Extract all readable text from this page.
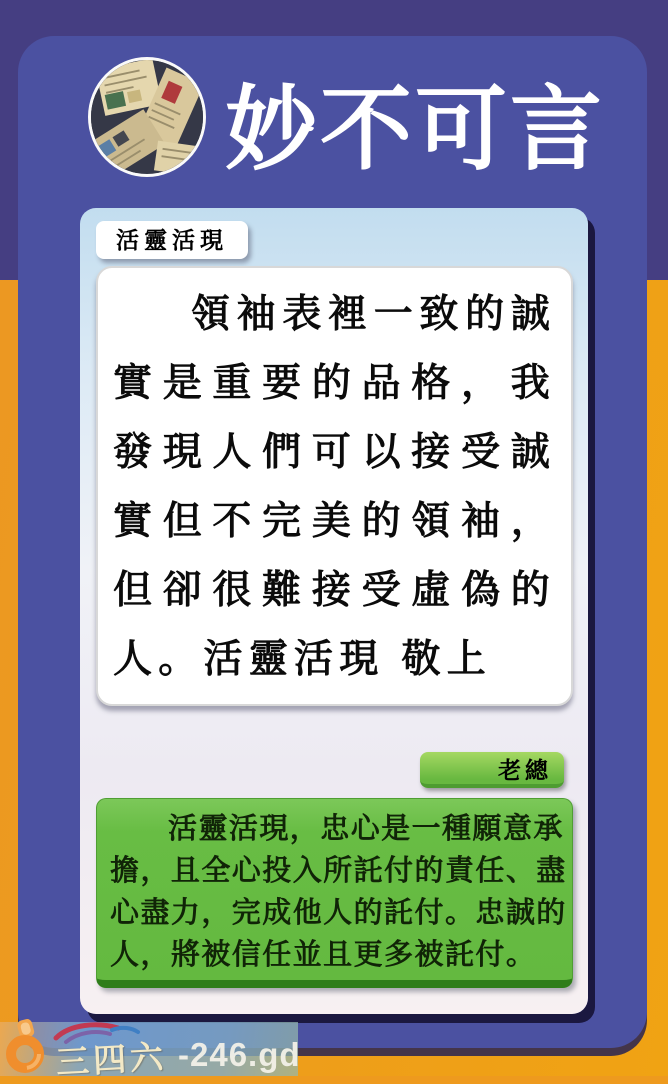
妙不可言
活靈活現
領袖表裡一致的誠
實是重要的品格，我
發現人們可以接受誠
實但不完美的領袖，
但卻很難接受虛偽的
人。活靈活現 敬上
老總
活靈活現，忠心是一種願意承
擔，且全心投入所託付的責任、盡
心盡力，完成他人的託付。忠誠的
人，將被信任並且更多被託付。
三四六 -246.gd
